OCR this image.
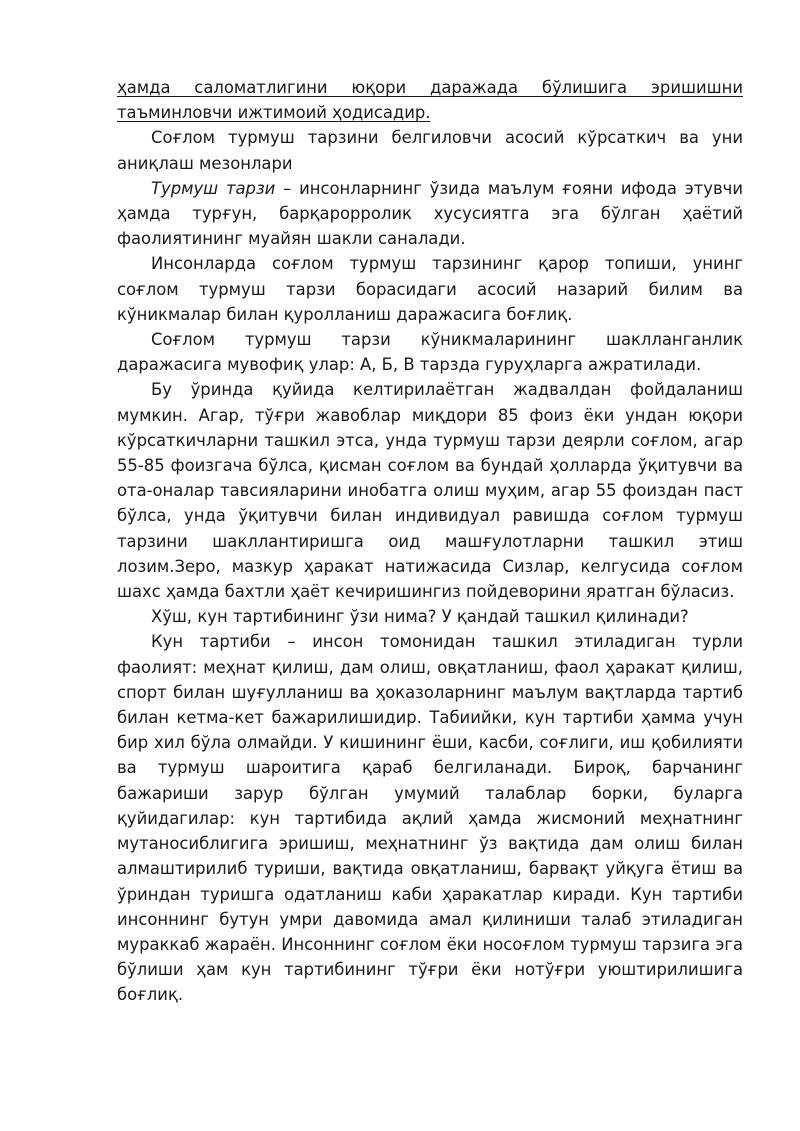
ҳамда саломатлигини юқори даражада бўлишига эришишни таъминловчи ижтимоий ҳодисадир.

Соғлом турмуш тарзини белгиловчи асосий кўрсаткич ва уни аниқлаш мезонлари

Турмуш тарзи – инсонларнинг ўзида маълум ғояни ифода этувчи ҳамда турғун, барқарорролик хусусиятга эга бўлган ҳаётий фаолиятининг муайян шакли саналади.

Инсонларда соғлом турмуш тарзининг қарор топиши, унинг соғлом турмуш тарзи борасидаги асосий назарий билим ва кўникмалар билан қуролланиш даражасига боғлиқ.

Соғлом турмуш тарзи кўникмаларининг шаклланганлик даражасига мувофиқ улар: А, Б, В тарзда гуруҳларга ажратилади.

Бу ўринда қуйида келтирилаётган жадвалдан фойдаланиш мумкин. Агар, тўғри жавоблар миқдори 85 фоиз ёки ундан юқори кўрсаткичларни ташкил этса, унда турмуш тарзи деярли соғлом, агар 55-85 фоизгача бўлса, қисман соғлом ва бундай ҳолларда ўқитувчи ва ота-оналар тавсияларини инобатга олиш муҳим, агар 55 фоиздан паст бўлса, унда ўқитувчи билан индивидуал равишда соғлом турмуш тарзини шакллантиришга оид машғулотларни ташкил этиш лозим.Зеро, мазкур ҳаракат натижасида Сизлар, келгусида соғлом шахс ҳамда бахтли ҳаёт кечиришингиз пойдеворини яратган бўласиз.

Хўш, кун тартибининг ўзи нима? У қандай ташкил қилинади?

Кун тартиби – инсон томонидан ташкил этиладиган турли фаолият: меҳнат қилиш, дам олиш, овқатланиш, фаол ҳаракат қилиш, спорт билан шуғулланиш ва ҳоказоларнинг маълум вақтларда тартиб билан кетма-кет бажарилишидир. Табиийки, кун тартиби ҳамма учун бир хил бўла олмайди. У кишининг ёши, касби, соғлиги, иш қобилияти ва турмуш шароитига қараб белгиланади. Бироқ, барчанинг бажариши зарур бўлган умумий талаблар борки, буларга қуйидагилар: кун тартибида ақлий ҳамда жисмоний меҳнатнинг мутаносиблигига эришиш, меҳнатнинг ўз вақтида дам олиш билан алмаштирилиб туриши, вақтида овқатланиш, барвақт уйқуга ётиш ва ўриндан туришга одатланиш каби ҳаракатлар киради. Кун тартиби инсоннинг бутун умри давомида амал қилиниши талаб этиладиган мураккаб жараён. Инсоннинг соғлом ёки носоғлом турмуш тарзига эга бўлиши ҳам кун тартибининг тўғри ёки нотўғри уюштирилишига боғлиқ.
